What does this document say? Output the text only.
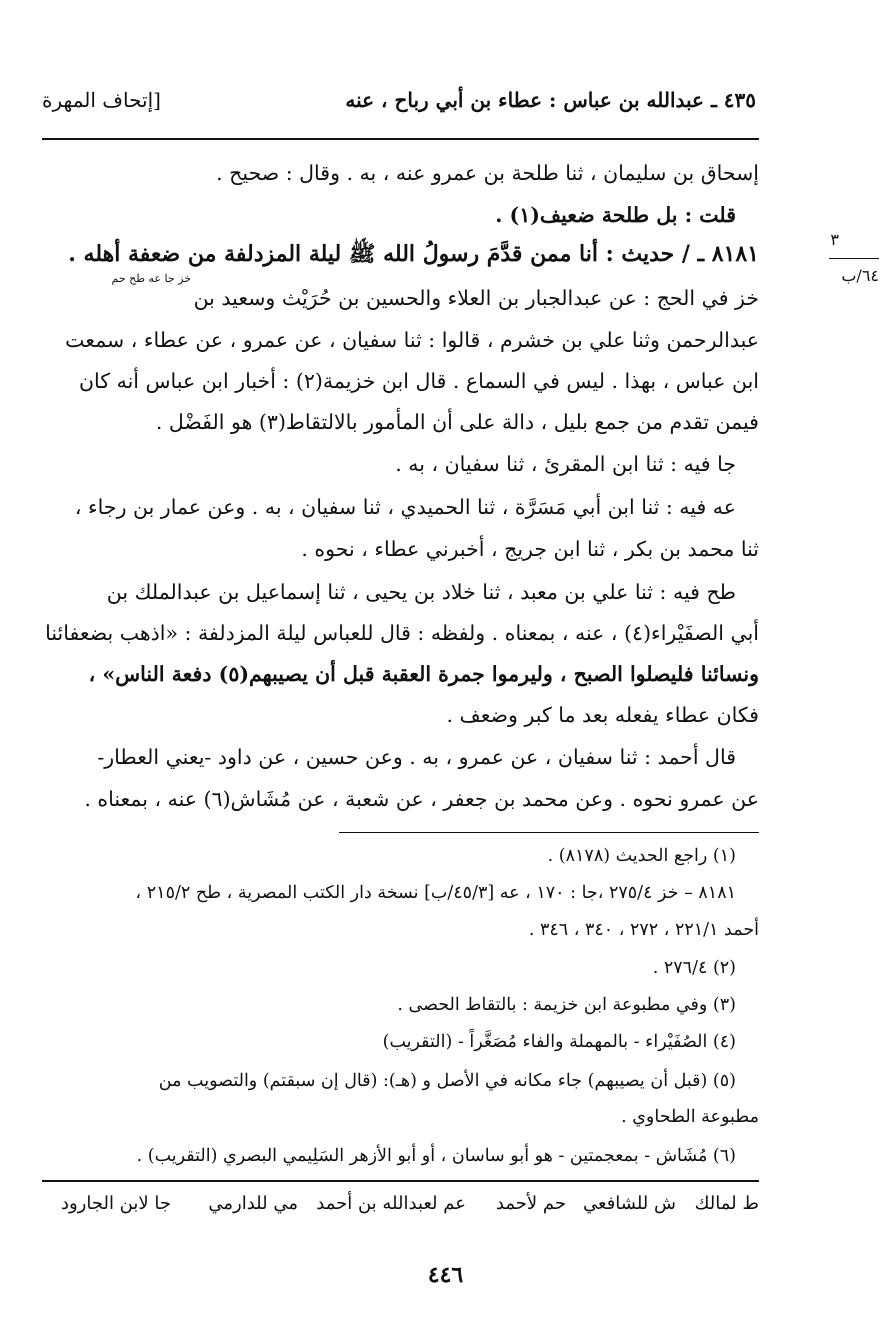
٤٣٥ ـ عبدالله بن عباس : عطاء بن أبي رباح ، عنه
[إتحاف المهرة
٣
٦٤/ب
خز جا عه طح حم
إسحاق بن سليمان ، ثنا طلحة بن عمرو عنه ، به . وقال : صحيح .
قلت : بل طلحة ضعيف(١) .
٨١٨١ ـ / حديث : أنا ممن قدَّمَ رسولُ الله ﷺ ليلة المزدلفة من ضعفة أهله .
خز في الحج : عن عبدالجبار بن العلاء والحسين بن حُرَيْث وسعيد بن
عبدالرحمن وثنا علي بن خشرم ، قالوا : ثنا سفيان ، عن عمرو ، عن عطاء ، سمعت
ابن عباس ، بهذا . ليس في السماع . قال ابن خزيمة(٢) : أخبار ابن عباس أنه كان
فيمن تقدم من جمع بليل ، دالة على أن المأمور بالالتقاط(٣) هو الفَضْل .
جا فيه : ثنا ابن المقرئ ، ثنا سفيان ، به .
عه فيه : ثنا ابن أبي مَسَرَّة ، ثنا الحميدي ، ثنا سفيان ، به . وعن عمار بن رجاء ،
ثنا محمد بن بكر ، ثنا ابن جريج ، أخبرني عطاء ، نحوه .
طح فيه : ثنا علي بن معبد ، ثنا خلاد بن يحيى ، ثنا إسماعيل بن عبدالملك بن
أبي الصفَيْراء(٤) ، عنه ، بمعناه . ولفظه : قال للعباس ليلة المزدلفة : «اذهب بضعفائنا
ونسائنا فليصلوا الصبح ، وليرموا جمرة العقبة قبل أن يصيبهم(٥) دفعة الناس» ،
فكان عطاء يفعله بعد ما كبر وضعف .
قال أحمد : ثنا سفيان ، عن عمرو ، به . وعن حسين ، عن داود -يعني العطار-
عن عمرو نحوه . وعن محمد بن جعفر ، عن شعبة ، عن مُشَاش(٦) عنه ، بمعناه .
(١) راجع الحديث (٨١٧٨) .
٨١٨١ – خز ٢٧٥/٤ ،جا : ١٧٠ ، عه [٤٥/٣/ب] نسخة دار الكتب المصرية ، طح ٢١٥/٢ ،
أحمد ٢٢١/١ ، ٢٧٢ ، ٣٤٠ ، ٣٤٦ .
(٢) ٢٧٦/٤ .
(٣) وفي مطبوعة ابن خزيمة : بالتقاط الحصى .
(٤) الصُفَيْراء - بالمهملة والفاء مُصَغَّراً - (التقريب)
(٥) (قبل أن يصيبهم) جاء مكانه في الأصل و (هـ): (قال إن سبقتم) والتصويب من
مطبوعة الطحاوي .
(٦) مُشَاش - بمعجمتين - هو أبو ساسان ، أو أبو الأزهر السَلِيمي البصري (التقريب) .
ط لمالك
ش للشافعي
حم لأحمد
عم لعبدالله بن أحمد
مي للدارمي
جا لابن الجارود
٤٤٦
